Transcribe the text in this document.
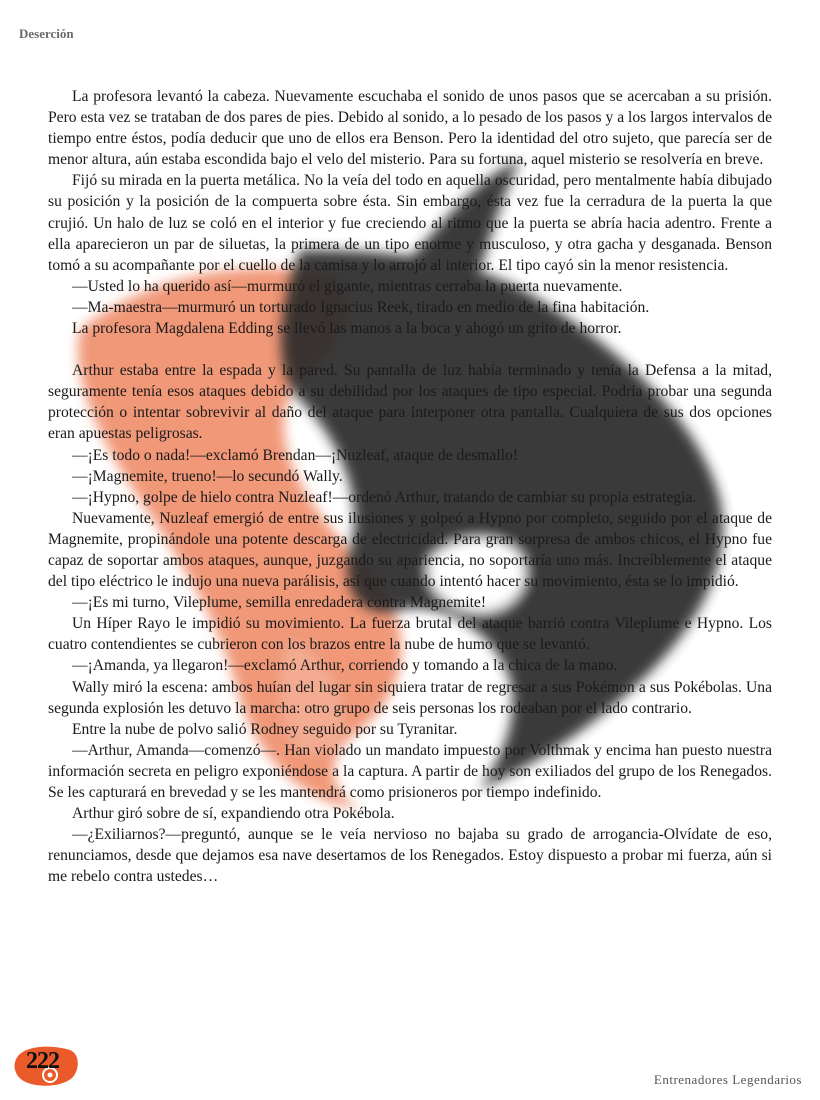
Deserción

La profesora levantó la cabeza. Nuevamente escuchaba el sonido de unos pasos que se acercaban a su prisión. Pero esta vez se trataban de dos pares de pies. Debido al sonido, a lo pesado de los pasos y a los largos intervalos de tiempo entre éstos, podía deducir que uno de ellos era Benson. Pero la identidad del otro sujeto, que parecía ser de menor altura, aún estaba escondida bajo el velo del misterio. Para su fortuna, aquel misterio se resolvería en breve.

Fijó su mirada en la puerta metálica. No la veía del todo en aquella oscuridad, pero mentalmente había dibujado su posición y la posición de la compuerta sobre ésta. Sin embargo, ésta vez fue la cerradura de la puerta la que crujió. Un halo de luz se coló en el interior y fue creciendo al ritmo que la puerta se abría hacia adentro. Frente a ella aparecieron un par de siluetas, la primera de un tipo enorme y musculoso, y otra gacha y desganada. Benson tomó a su acompañante por el cuello de la camisa y lo arrojó al interior. El tipo cayó sin la menor resistencia.

—Usted lo ha querido así—murmuró el gigante, mientras cerraba la puerta nuevamente.

—Ma-maestra—murmuró un torturado Ignacius Reek, tirado en medio de la fina habitación.

La profesora Magdalena Edding se llevó las manos a la boca y ahogó un grito de horror.

Arthur estaba entre la espada y la pared. Su pantalla de luz había terminado y tenía la Defensa a la mitad, seguramente tenía esos ataques debido a su debilidad por los ataques de tipo especial. Podría probar una segunda protección o intentar sobrevivir al daño del ataque para interponer otra pantalla. Cualquiera de sus dos opciones eran apuestas peligrosas.

—¡Es todo o nada!—exclamó Brendan—¡Nuzleaf, ataque de desmallo!

—¡Magnemite, trueno!—lo secundó Wally.

—¡Hypno, golpe de hielo contra Nuzleaf!—ordenó Arthur, tratando de cambiar su propia estrategia.

Nuevamente, Nuzleaf emergió de entre sus ilusiones y golpeó a Hypno por completo, seguido por el ataque de Magnemite, propinándole una potente descarga de electricidad. Para gran sorpresa de ambos chicos, el Hypno fue capaz de soportar ambos ataques, aunque, juzgando su apariencia, no soportaría uno más. Increíblemente el ataque del tipo eléctrico le indujo una nueva parálisis, así que cuando intentó hacer su movimiento, ésta se lo impidió.

—¡Es mi turno, Vileplume, semilla enredadera contra Magnemite!

Un Híper Rayo le impidió su movimiento. La fuerza brutal del ataque barrió contra Vileplume e Hypno. Los cuatro contendientes se cubrieron con los brazos entre la nube de humo que se levantó.

—¡Amanda, ya llegaron!—exclamó Arthur, corriendo y tomando a la chica de la mano.

Wally miró la escena: ambos huían del lugar sin siquiera tratar de regresar a sus Pokémon a sus Pokébolas. Una segunda explosión les detuvo la marcha: otro grupo de seis personas los rodeaban por el lado contrario.

Entre la nube de polvo salió Rodney seguido por su Tyranitar.

—Arthur, Amanda—comenzó—. Han violado un mandato impuesto por Volthmak y encima han puesto nuestra información secreta en peligro exponiéndose a la captura. A partir de hoy son exiliados del grupo de los Renegados. Se les capturará en brevedad y se les mantendrá como prisioneros por tiempo indefinido.

Arthur giró sobre de sí, expandiendo otra Pokébola.

—¿Exiliarnos?—preguntó, aunque se le veía nervioso no bajaba su grado de arrogancia-Olvídate de eso, renunciamos, desde que dejamos esa nave desertamos de los Renegados. Estoy dispuesto a probar mi fuerza, aún si me rebelo contra ustedes…

222
Entrenadores Legendarios
